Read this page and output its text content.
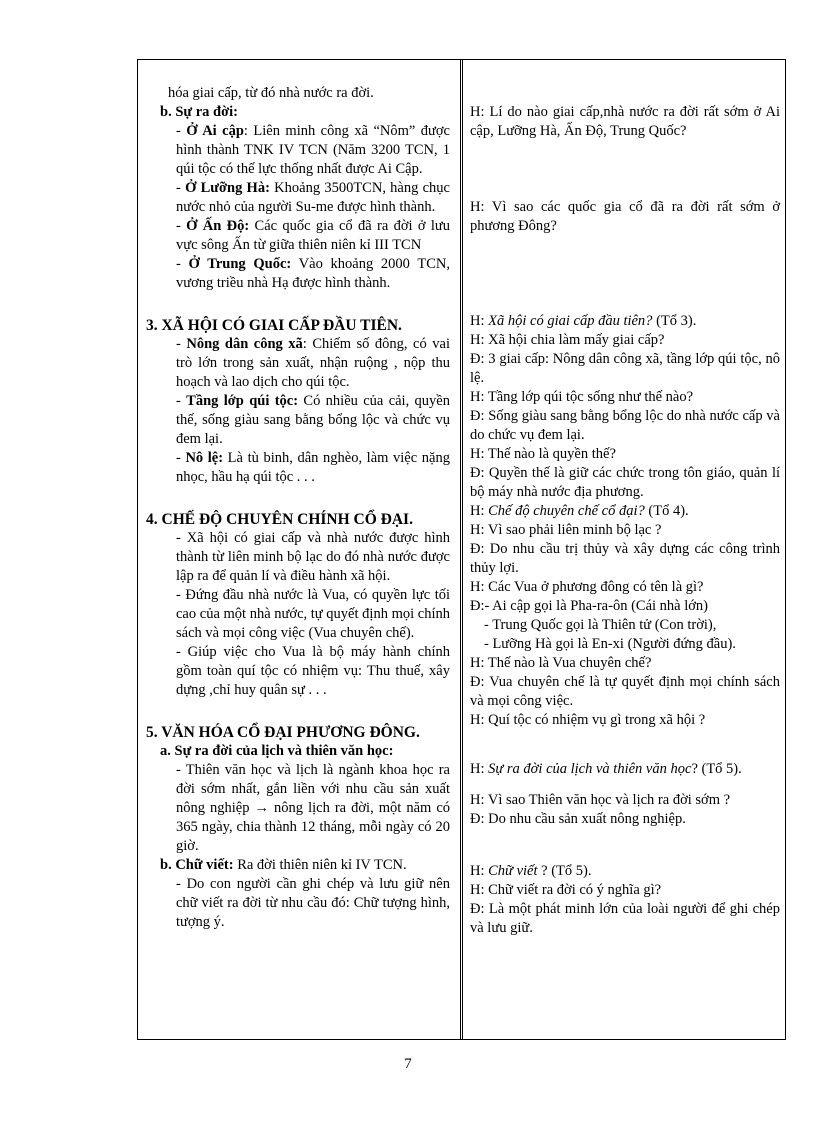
hóa giai cấp, từ đó nhà nước ra đời.

b. Sự ra đời:

- Ở Ai cập: Liên minh công xã “Nôm” được hình thành TNK IV TCN (Năm 3200 TCN, 1 qúi tộc có thế lực thống nhất được Ai Cập.

- Ở Lưỡng Hà: Khoảng 3500TCN, hàng chục nước nhỏ của người Su-me được hình thành.

- Ở Ấn Độ: Các quốc gia cổ đã ra đời ở lưu vực sông Ấn từ giữa thiên niên kỉ III TCN

- Ở Trung Quốc: Vào khoảng 2000 TCN, vương triều nhà Hạ được hình thành.

3. XÃ HỘI CÓ GIAI CẤP ĐẦU TIÊN.

- Nông dân công xã: Chiếm số đông, có vai trò lớn trong sản xuất, nhận ruộng , nộp thu hoạch và lao dịch cho qúi tộc.

- Tầng lớp qúi tộc: Có nhiều của cải, quyền thế, sống giàu sang bằng bổng lộc và chức vụ đem lại.

- Nô lệ: Là tù binh, dân nghèo, làm việc nặng nhọc, hầu hạ qúi tộc . . .

4. CHẾ ĐỘ CHUYÊN CHÍNH CỔ ĐẠI.

- Xã hội có giai cấp và nhà nước được hình thành từ liên minh bộ lạc do đó nhà nước được lập ra để quản lí và điều hành xã hội.

- Đứng đầu nhà nước là Vua, có quyền lực tối cao của một nhà nước, tự quyết định mọi chính sách và mọi công việc (Vua chuyên chế).

- Giúp việc cho Vua là bộ máy hành chính gồm toàn quí tộc có nhiệm vụ: Thu thuế, xây dựng ,chỉ huy quân sự . . .

5. VĂN HÓA CỔ ĐẠI PHƯƠNG ĐÔNG.

a. Sự ra đời của lịch và thiên văn học:

- Thiên văn học và lịch là ngành khoa học ra đời sớm nhất, gắn liền với nhu cầu sản xuất nông nghiệp → nông lịch ra đời, một năm có 365 ngày, chia thành 12 tháng, mỗi ngày có 20 giờ.

b. Chữ viết: Ra đời thiên niên kỉ IV TCN.

- Do con người cần ghi chép và lưu giữ nên chữ viết ra đời từ nhu cầu đó: Chữ tượng hình, tượng ý.

H: Lí do nào giai cấp,nhà nước ra đời rất sớm ở Ai cập, Lưỡng Hà, Ấn Độ, Trung Quốc?

H: Vì sao các quốc gia cổ đã ra đời rất sớm ở phương Đông?

H: Xã hội có giai cấp đầu tiên? (Tổ 3).

H: Xã hội chia làm mấy giai cấp?

Đ: 3 giai cấp: Nông dân công xã, tầng lớp qúi tộc, nô lệ.

H: Tầng lớp qúi tộc sống như thế nào?

Đ: Sống giàu sang bằng bổng lộc do nhà nước cấp và do chức vụ đem lại.

H: Thế nào là quyền thế?

Đ: Quyền thế là giữ các chức trong tôn giáo, quản lí bộ máy nhà nước địa phương.

H: Chế độ chuyên chế cổ đại? (Tổ 4).

H: Vì sao phải liên minh bộ lạc ?

Đ: Do nhu cầu trị thủy và xây dựng các công trình thủy lợi.

H: Các Vua ở phương đông có tên là gì?

Đ:- Ai cập gọi là Pha-ra-ôn (Cái nhà lớn)

- Trung Quốc gọi là Thiên tử (Con trời),

- Lưỡng Hà gọi là En-xi (Người đứng đầu).

H: Thế nào là Vua chuyên chế?

Đ: Vua chuyên chế là tự quyết định mọi chính sách và mọi công việc.

H: Quí tộc có nhiệm vụ gì trong xã hội ?

H: Sự ra đời của lịch và thiên văn học? (Tổ 5).

H: Vì sao Thiên văn học và lịch ra đời sớm ?

Đ: Do nhu cầu sản xuất nông nghiệp.

H: Chữ viết ? (Tổ 5).

H: Chữ viết ra đời có ý nghĩa gì?

Đ: Là một phát minh lớn của loài người để ghi chép và lưu giữ.

7
